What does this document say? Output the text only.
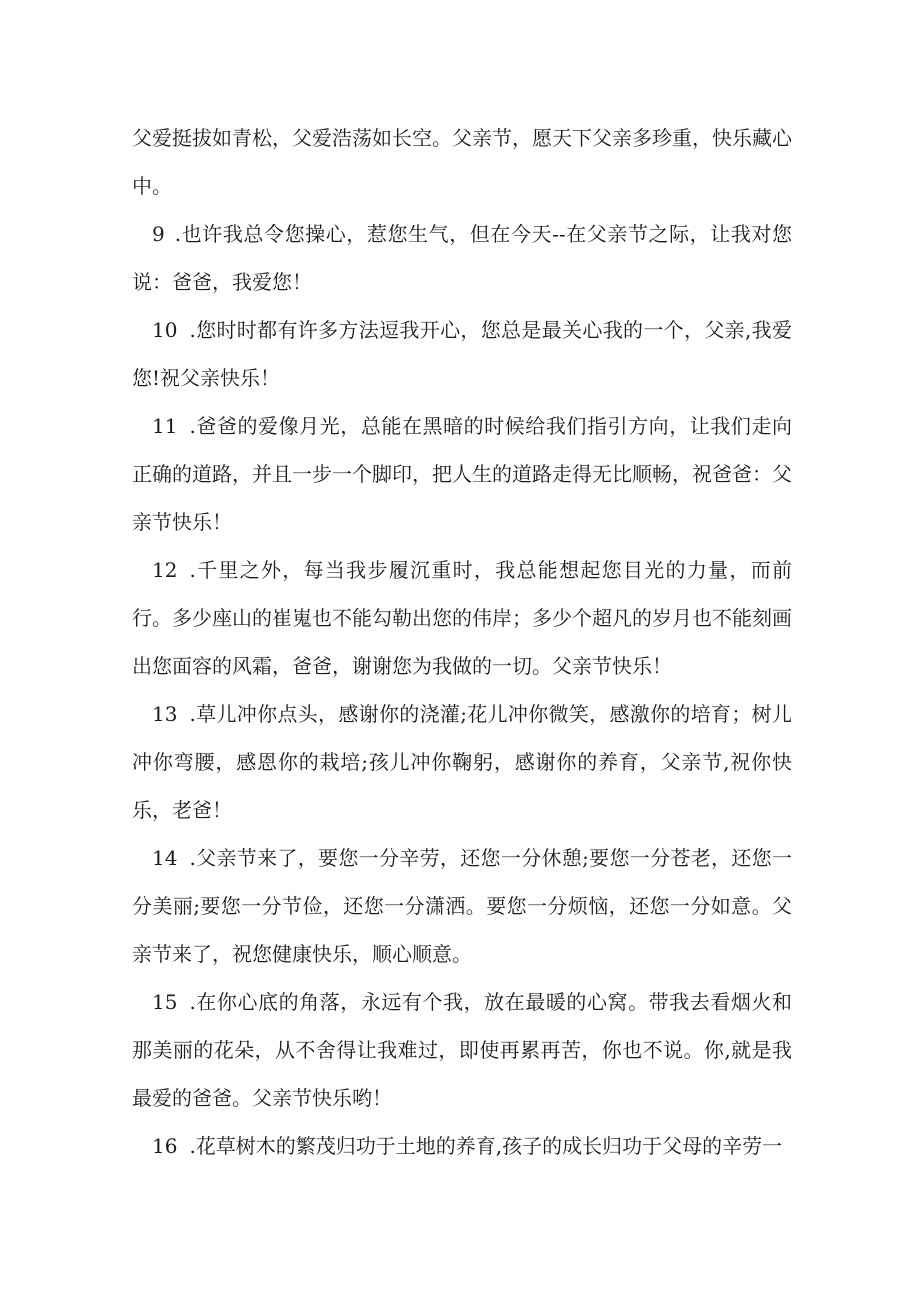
父爱挺拔如青松，父爱浩荡如长空。父亲节，愿天下父亲多珍重，快乐藏心中。

9 .也许我总令您操心，惹您生气，但在今天--在父亲节之际，让我对您说：爸爸，我爱您！

10 .您时时都有许多方法逗我开心，您总是最关心我的一个，父亲,我爱您!祝父亲快乐！

11 .爸爸的爱像月光，总能在黑暗的时候给我们指引方向，让我们走向正确的道路，并且一步一个脚印，把人生的道路走得无比顺畅，祝爸爸：父亲节快乐！

12 .千里之外，每当我步履沉重时，我总能想起您目光的力量，而前行。多少座山的崔嵬也不能勾勒出您的伟岸；多少个超凡的岁月也不能刻画出您面容的风霜，爸爸，谢谢您为我做的一切。父亲节快乐！

13 .草儿冲你点头，感谢你的浇灌;花儿冲你微笑，感激你的培育；树儿冲你弯腰，感恩你的栽培;孩儿冲你鞠躬，感谢你的养育，父亲节,祝你快乐，老爸！

14 .父亲节来了，要您一分辛劳，还您一分休憩;要您一分苍老，还您一分美丽;要您一分节俭，还您一分潇洒。要您一分烦恼，还您一分如意。父亲节来了，祝您健康快乐，顺心顺意。

15 .在你心底的角落，永远有个我，放在最暖的心窝。带我去看烟火和那美丽的花朵，从不舍得让我难过，即使再累再苦，你也不说。你,就是我最爱的爸爸。父亲节快乐哟！

16 .花草树木的繁茂归功于土地的养育,孩子的成长归功于父母的辛劳一
